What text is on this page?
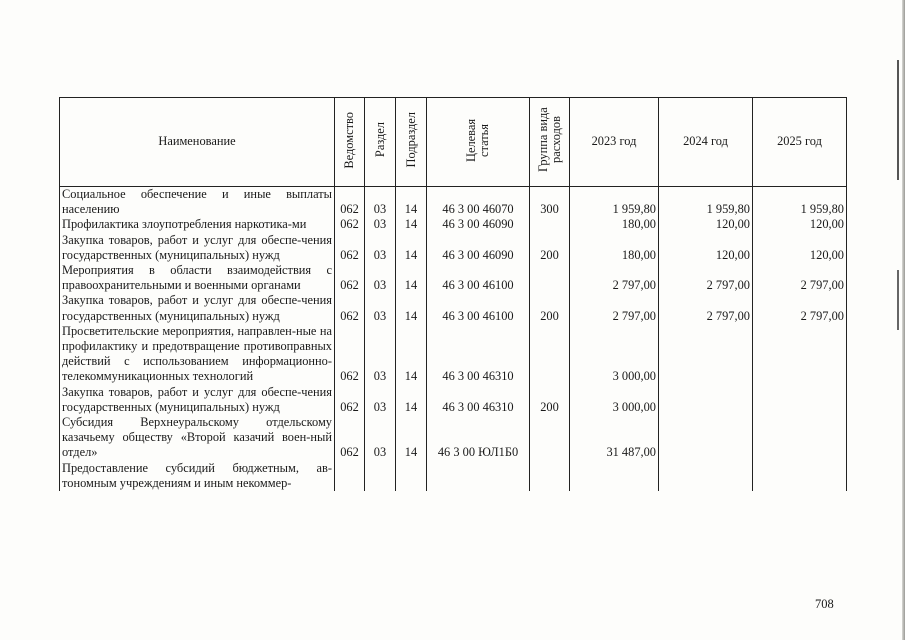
Наименование	Ведомство	Раздел	Подраздел	Целевая статья	Группа вида расходов	2023 год	2024 год	2025 год
Социальное обеспечение и иные выплаты населению	062	03	14	46 3 00 46070	300	1 959,80	1 959,80	1 959,80
Профилактика злоупотребления наркотика-ми	062	03	14	46 3 00 46090		180,00	120,00	120,00
Закупка товаров, работ и услуг для обеспе-чения государственных (муниципальных) нужд	062	03	14	46 3 00 46090	200	180,00	120,00	120,00
Мероприятия в области взаимодействия с правоохранительными и военными органами	062	03	14	46 3 00 46100		2 797,00	2 797,00	2 797,00
Закупка товаров, работ и услуг для обеспе-чения государственных (муниципальных) нужд	062	03	14	46 3 00 46100	200	2 797,00	2 797,00	2 797,00
Просветительские мероприятия, направлен-ные на профилактику и предотвращение противоправных действий с использованием информационно-телекоммуникационных технологий	062	03	14	46 3 00 46310		3 000,00		
Закупка товаров, работ и услуг для обеспе-чения государственных (муниципальных) нужд	062	03	14	46 3 00 46310	200	3 000,00		
Субсидия Верхнеуральскому отдельскому казачьему обществу «Второй казачий воен-ный отдел»	062	03	14	46 3 00 ЮЛ1Б0		31 487,00		
Предоставление субсидий бюджетным, ав-тономным учреждениям и иным некоммер-								
708
